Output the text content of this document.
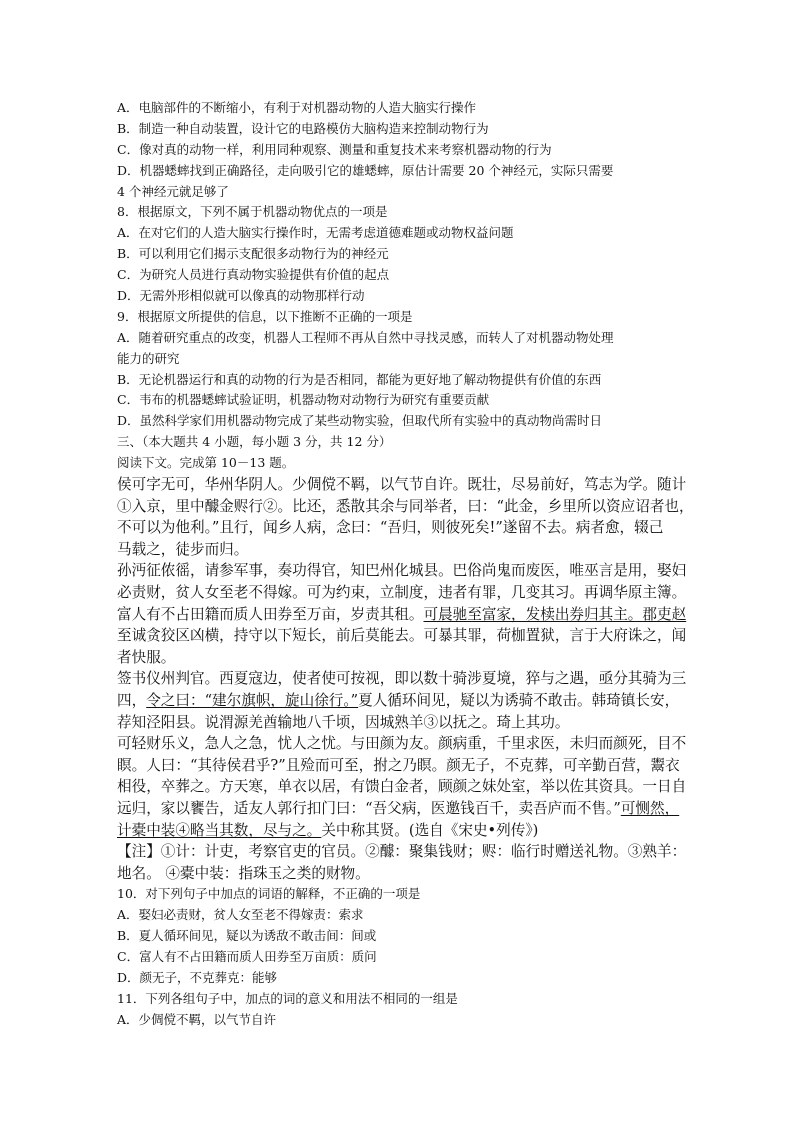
A．电脑部件的不断缩小，有利于对机器动物的人造大脑实行操作
B．制造一种自动装置，设计它的电路模仿大脑构造来控制动物行为
C．像对真的动物一样，利用同种观察、测量和重复技术来考察机器动物的行为
D．机器蟋蟀找到正确路径，走向吸引它的雄蟋蟀，原估计需要 20 个神经元，实际只需要
4 个神经元就足够了
8．根据原文，下列不属于机器动物优点的一项是
A．在对它们的人造大脑实行操作时，无需考虑道德难题或动物权益问题
B．可以利用它们揭示支配很多动物行为的神经元
C．为研究人员进行真动物实验提供有价值的起点
D．无需外形相似就可以像真的动物那样行动
9．根据原文所提供的信息，以下推断不正确的一项是
A．随着研究重点的改变，机器人工程师不再从自然中寻找灵感，而转人了对机器动物处理
能力的研究
B．无论机器运行和真的动物的行为是否相同，都能为更好地了解动物提供有价值的东西
C．韦布的机器蟋蟀试验证明，机器动物对动物行为研究有重要贡献
D．虽然科学家们用机器动物完成了某些动物实验，但取代所有实验中的真动物尚需时日
三、（本大题共 4 小题，每小题 3 分，共 12 分）
阅读下文。完成第 10－13 题。
侯可字无可，华州华阴人。少倜傥不羁，以气节自许。既壮，尽易前好，笃志为学。随计
①入京，里中醵金赆行②。比还，悉散其余与同举者，曰：“此金，乡里所以资应诏者也，
不可以为他利。”且行，闻乡人病，念曰：“吾归，则彼死矣!”遂留不去。病者愈，辍己
马载之，徒步而归。
孙沔征侬徭，请参军事，奏功得官，知巴州化城县。巴俗尚鬼而废医，唯巫言是用，娶妇
必责财，贫人女至老不得嫁。可为约束，立制度，违者有罪，几变其习。再调华原主簿。
富人有不占田籍而质人田券至万亩，岁责其租。可晨驰至富家，发椟出券归其主。郡吏赵
至诚贪狡区凶横，持守以下短长，前后莫能去。可暴其罪，荷枷置狱，言于大府诛之，闻
者快服。
签书仪州判官。西夏寇边，使者使可按视，即以数十骑涉夏境，猝与之遇，亟分其骑为三
四，令之曰：“建尔旗帜，旋山徐行。”夏人循环间见，疑以为诱骑不敢击。韩琦镇长安，
荐知泾阳县。说渭源羌酋输地八千顷，因城熟羊③以抚之。琦上其功。
可轻财乐义，急人之急，忧人之忧。与田颜为友。颜病重，千里求医，未归而颜死，目不
瞑。人曰：“其待侯君乎?”且殓而可至，拊之乃瞑。颜无子，不克葬，可辛勤百营，鬻衣
相役，卒葬之。方天寒，单衣以居，有馈白金者，顾颜之妹处室，举以佐其资具。一日自
远归，家以饔告，适友人郭行扣门曰：“吾父病，医邀钱百千，卖吾庐而不售。”可恻然，
计橐中装④略当其数，尽与之。关中称其贤。(选自《宋史•列传》)
【注】①计：计吏，考察官吏的官员。②醵：聚集钱财；赆：临行时赠送礼物。③熟羊：
地名。 ④橐中装：指珠玉之类的财物。
10．对下列句子中加点的词语的解释，不正确的一项是
A．娶妇必责财，贫人女至老不得嫁责：索求
B．夏人循环间见，疑以为诱敌不敢击间：间或
C．富人有不占田籍而质人田券至万亩质：质问
D．颜无子，不克葬克：能够
11．下列各组句子中，加点的词的意义和用法不相同的一组是
A．少倜傥不羁，以气节自许
